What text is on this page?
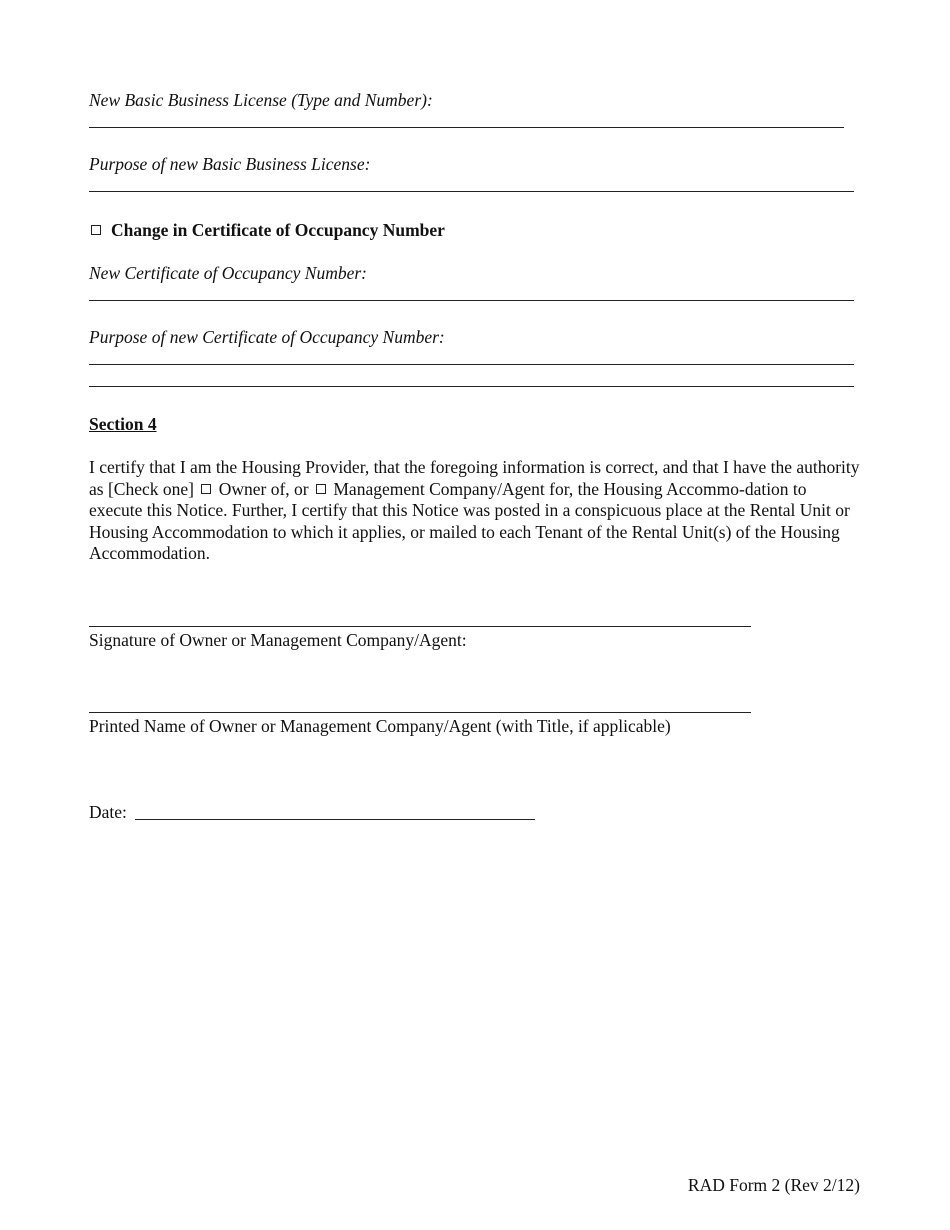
New Basic Business License (Type and Number):
Purpose of new Basic Business License:
Change in Certificate of Occupancy Number
New Certificate of Occupancy Number:
Purpose of new Certificate of Occupancy Number:
Section 4
I certify that I am the Housing Provider, that the foregoing information is correct, and that I have the authority as [Check one] Owner of, or Management Company/Agent for, the Housing Accommo-dation to execute this Notice. Further, I certify that this Notice was posted in a conspicuous place at the Rental Unit or Housing Accommodation to which it applies, or mailed to each Tenant of the Rental Unit(s) of the Housing Accommodation.
Signature of Owner or Management Company/Agent:
Printed Name of Owner or Management Company/Agent (with Title, if applicable)
Date:
RAD Form 2 (Rev 2/12)
